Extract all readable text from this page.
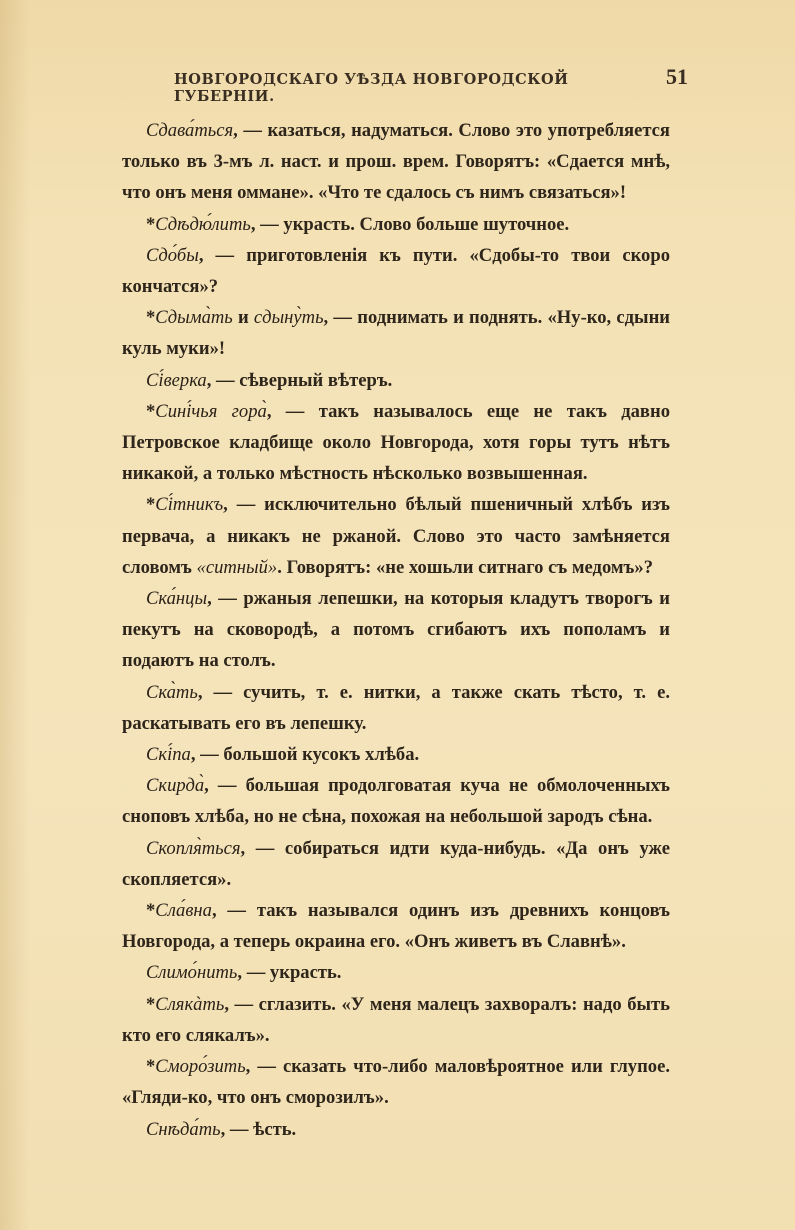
НОВГОРОДСКАГО УѢЗДА НОВГОРОДСКОЙ ГУБЕРНІИ.
51

Сдава́ться, — казаться, надуматься. Слово это употребляется только въ 3-мъ л. наст. и прош. врем. Говорятъ: «Сдается мнѣ, что онъ меня оммане». «Что те сдалось съ нимъ связаться»!

*Сдѣдю́лить, — украсть. Слово больше шуточное.

Сдо́бы, — приготовленія къ пути. «Сдобы-то твои скоро кончатся»?

*Сдыма̀ть и сдыну̀ть, — поднимать и поднять. «Ну-ко, сдыни куль муки»!

Сі́верка, — сѣверный вѣтеръ.

*Сині́чья гора̀, — такъ называлось еще не такъ давно Петровское кладбище около Новгорода, хотя горы тутъ нѣтъ никакой, а только мѣстность нѣсколько возвышенная.

*Сі́тникъ, — исключительно бѣлый пшеничный хлѣбъ изъ первача, а никакъ не ржаной. Слово это часто замѣняется словомъ «ситный». Говорятъ: «не хошьли ситнаго съ медомъ»?

Ска́нцы, — ржаныя лепешки, на которыя кладутъ творогъ и пекутъ на сковородѣ, а потомъ сгибаютъ ихъ пополамъ и подаютъ на столъ.

Ска̀ть, — сучить, т. е. нитки, а также скать тѣсто, т. е. раскатывать его въ лепешку.

Скі́па, — большой кусокъ хлѣба.

Скирда̀, — большая продолговатая куча не обмолоченныхъ сноповъ хлѣба, но не сѣна, похожая на небольшой зародъ сѣна.

Скопля̀ться, — собираться идти куда-нибудь. «Да онъ уже скопляется».

*Сла́вна, — такъ назывался одинъ изъ древнихъ концовъ Новгорода, а теперь окраина его. «Онъ живетъ въ Славнѣ».

Слимо́нить, — украсть.

*Слякàть, — сглазить. «У меня малецъ захворалъ: надо быть кто его слякалъ».

*Сморо́зить, — сказать что-либо маловѣроятное или глупое. «Гляди-ко, что онъ сморозилъ».

Снѣда́ть, — ѣсть.
